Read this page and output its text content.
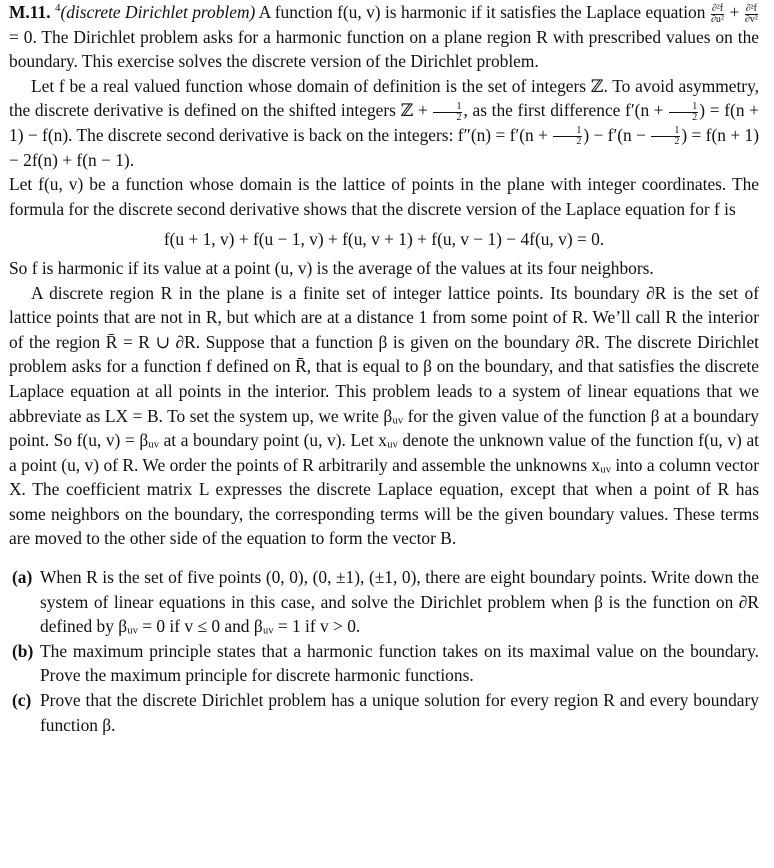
M.11. $^4$(discrete Dirichlet problem) A function f(u, v) is harmonic if it satisfies the Laplace equation $\frac{\text{∂²f}}{\text{∂u²}} + \frac{\text{∂²f}}{\text{∂v²}}$
= 0. The Dirichlet problem asks for a harmonic function on a plane region R with prescribed values on the boundary. This exercise solves the discrete version of the Dirichlet problem.

Let f be a real valued function whose domain of definition is the set of integers ℤ. To avoid asymmetry, the discrete derivative is defined on the shifted integers ℤ + $\frac{1}{2}$ , as the first difference $f'(n + \frac{1}{2}$ ) = f(n + 1) − f(n). The discrete second derivative is back on the integers: $f''(n) = f'(n + \frac{1}{2}$ ) − $f'(n - \frac{1}{2}$ ) = f(n + 1) − 2f(n) + f(n − 1).

Let f(u, v) be a function whose domain is the lattice of points in the plane with integer coordinates. The formula for the discrete second derivative shows that the discrete version of the Laplace equation for f is

f(u + 1, v) + f(u − 1, v) + f(u, v + 1) + f(u, v − 1) − 4f(u, v) = 0.

So f is harmonic if its value at a point (u, v) is the average of the values at its four neighbors.

A discrete region R in the plane is a finite set of integer lattice points. Its boundary ∂R is the set of lattice points that are not in R, but which are at a distance 1 from some point of R. We’ll call R the interior of the region R̄ = R ∪ ∂R. Suppose that a function β is given on the boundary ∂R. The discrete Dirichlet problem asks for a function f defined on R̄, that is equal to β on the boundary, and that satisfies the discrete Laplace equation at all points in the interior. This problem leads to a system of linear equations that we abbreviate as LX = B. To set the system up, we write βᵤᵥ for the given value of the function β at a boundary point. So f(u, v) = βᵤᵥ at a boundary point (u, v). Let xᵤᵥ denote the unknown value of the function f(u, v) at a point (u, v) of R. We order the points of R arbitrarily and assemble the unknowns xᵤᵥ into a column vector X. The coefficient matrix L expresses the discrete Laplace equation, except that when a point of R has some neighbors on the boundary, the corresponding terms will be the given boundary values. These terms are moved to the other side of the equation to form the vector B.

(a) When R is the set of five points (0, 0), (0, ±1), (±1, 0), there are eight boundary points. Write down the system of linear equations in this case, and solve the Dirichlet problem when β is the function on ∂R defined by βᵤᵥ = 0 if v ≤ 0 and βᵤᵥ = 1 if v > 0.
(b) The maximum principle states that a harmonic function takes on its maximal value on the boundary. Prove the maximum principle for discrete harmonic functions.
(c) Prove that the discrete Dirichlet problem has a unique solution for every region R and every boundary function β.
